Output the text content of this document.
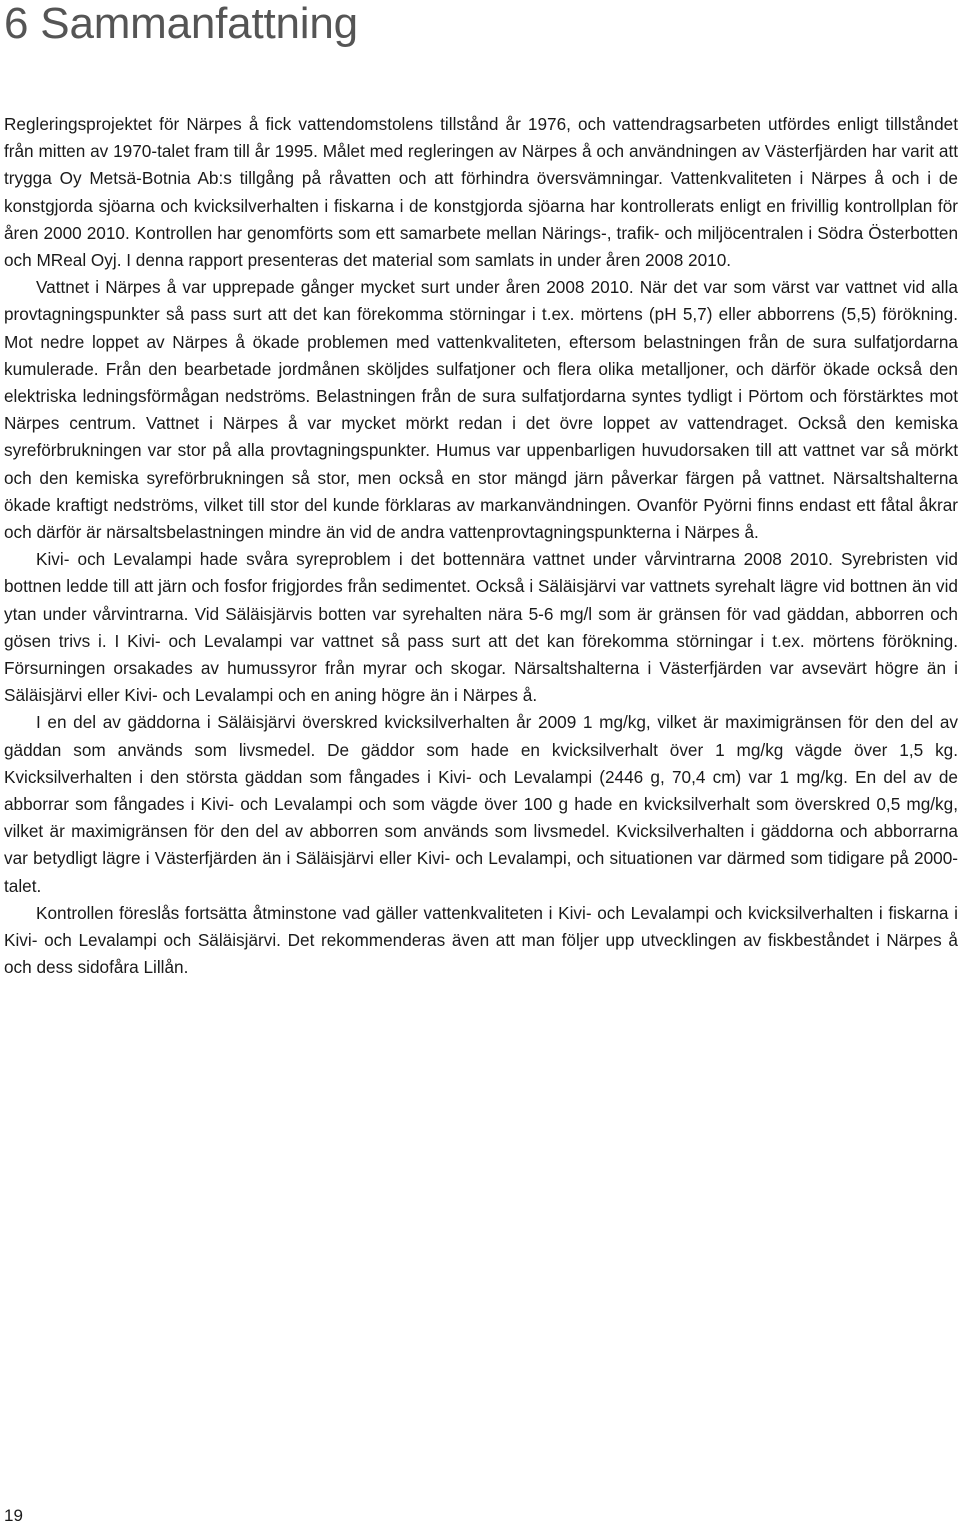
6 Sammanfattning

Regleringsprojektet för Närpes å fick vattendomstolens tillstånd år 1976, och vattendragsarbeten utfördes enligt tillståndet från mitten av 1970-talet fram till år 1995. Målet med regleringen av Närpes å och användningen av Västerfjärden har varit att trygga Oy Metsä-Botnia Ab:s tillgång på råvatten och att förhindra översvämningar. Vattenkvaliteten i Närpes å och i de konstgjorda sjöarna och kvicksilverhalten i fiskarna i de konstgjorda sjöarna har kontrollerats enligt en frivillig kontrollplan för åren 2000 2010. Kontrollen har genomförts som ett samarbete mellan Närings-, trafik- och miljöcentralen i Södra Österbotten och MReal Oyj. I denna rapport presenteras det material som samlats in under åren 2008 2010.

Vattnet i Närpes å var upprepade gånger mycket surt under åren 2008 2010. När det var som värst var vattnet vid alla provtagningspunkter så pass surt att det kan förekomma störningar i t.ex. mörtens (pH 5,7) eller abborrens (5,5) förökning. Mot nedre loppet av Närpes å ökade problemen med vattenkvaliteten, eftersom belastningen från de sura sulfatjordarna kumulerade. Från den bearbetade jordmånen sköljdes sulfatjoner och flera olika metalljoner, och därför ökade också den elektriska ledningsförmågan nedströms. Belastningen från de sura sulfatjordarna syntes tydligt i Pörtom och förstärktes mot Närpes centrum. Vattnet i Närpes å var mycket mörkt redan i det övre loppet av vattendraget. Också den kemiska syreförbrukningen var stor på alla provtagningspunkter. Humus var uppenbarligen huvudorsaken till att vattnet var så mörkt och den kemiska syreförbrukningen så stor, men också en stor mängd järn påverkar färgen på vattnet. Närsaltshalterna ökade kraftigt nedströms, vilket till stor del kunde förklaras av markanvändningen. Ovanför Pyörni finns endast ett fåtal åkrar och därför är närsaltsbelastningen mindre än vid de andra vattenprovtagningspunkterna i Närpes å.

Kivi- och Levalampi hade svåra syreproblem i det bottennära vattnet under vårvintrarna 2008 2010. Syrebristen vid bottnen ledde till att järn och fosfor frigjordes från sedimentet. Också i Säläisjärvi var vattnets syrehalt lägre vid bottnen än vid ytan under vårvintrarna. Vid Säläisjärvis botten var syrehalten nära 5-6 mg/l som är gränsen för vad gäddan, abborren och gösen trivs i. I Kivi- och Levalampi var vattnet så pass surt att det kan förekomma störningar i t.ex. mörtens förökning. Försurningen orsakades av humussyror från myrar och skogar. Närsaltshalterna i Västerfjärden var avsevärt högre än i Säläisjärvi eller Kivi- och Levalampi och en aning högre än i Närpes å.

I en del av gäddorna i Säläisjärvi överskred kvicksilverhalten år 2009 1 mg/kg, vilket är maximigränsen för den del av gäddan som används som livsmedel. De gäddor som hade en kvicksilverhalt över 1 mg/kg vägde över 1,5 kg. Kvicksilverhalten i den största gäddan som fångades i Kivi- och Levalampi (2446 g, 70,4 cm) var 1 mg/kg. En del av de abborrar som fångades i Kivi- och Levalampi och som vägde över 100 g hade en kvicksilverhalt som överskred 0,5 mg/kg, vilket är maximigränsen för den del av abborren som används som livsmedel. Kvicksilverhalten i gäddorna och abborrarna var betydligt lägre i Västerfjärden än i Säläisjärvi eller Kivi- och Levalampi, och situationen var därmed som tidigare på 2000-talet.

Kontrollen föreslås fortsätta åtminstone vad gäller vattenkvaliteten i Kivi- och Levalampi och kvicksilverhalten i fiskarna i Kivi- och Levalampi och Säläisjärvi. Det rekommenderas även att man följer upp utvecklingen av fiskbeståndet i Närpes å och dess sidofåra Lillån.

19
